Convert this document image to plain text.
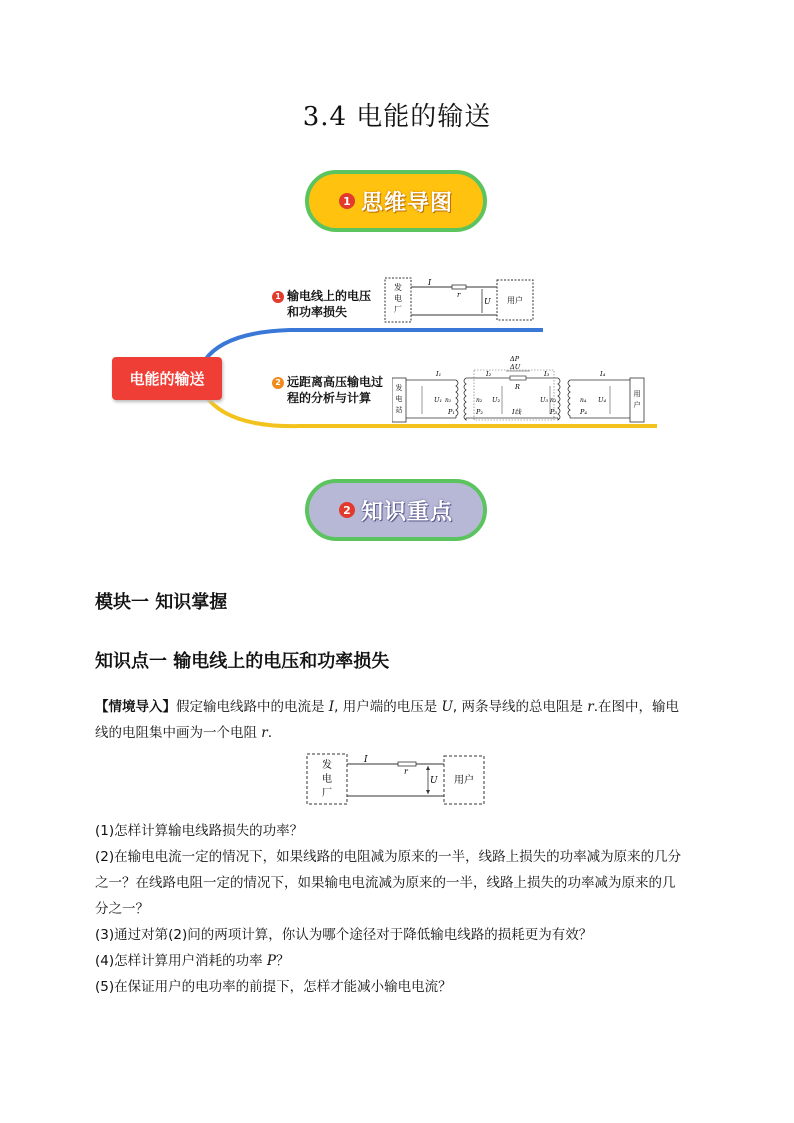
3.4 电能的输送
1 思维导图
电能的输送
1 输电线上的电压
和功率损失
2 远距离高压输电过
程的分析与计算
发
电
厂
I
r
U 用户
发
电
站
用
户
I₁
U₁
P₁
n₁
I₂
n₂ U₂
P₂
ΔP
ΔU
R
I线
I₃
U₃ n₃
P₃
I₄
n₄ U₄
P₄
2 知识重点
模块一 知识掌握
知识点一 输电线上的电压和功率损失
【情境导入】假定输电线路中的电流是 I, 用户端的电压是 U, 两条导线的总电阻是 r.在图中，输电
线的电阻集中画为一个电阻 r.
发
电
厂
I
r
U 用户
(1)怎样计算输电线路损失的功率？
(2)在输电电流一定的情况下，如果线路的电阻减为原来的一半，线路上损失的功率减为原来的几分
之一？在线路电阻一定的情况下，如果输电电流减为原来的一半，线路上损失的功率减为原来的几
分之一？
(3)通过对第(2)问的两项计算，你认为哪个途径对于降低输电线路的损耗更为有效？
(4)怎样计算用户消耗的功率 P？
(5)在保证用户的电功率的前提下，怎样才能减小输电电流？
